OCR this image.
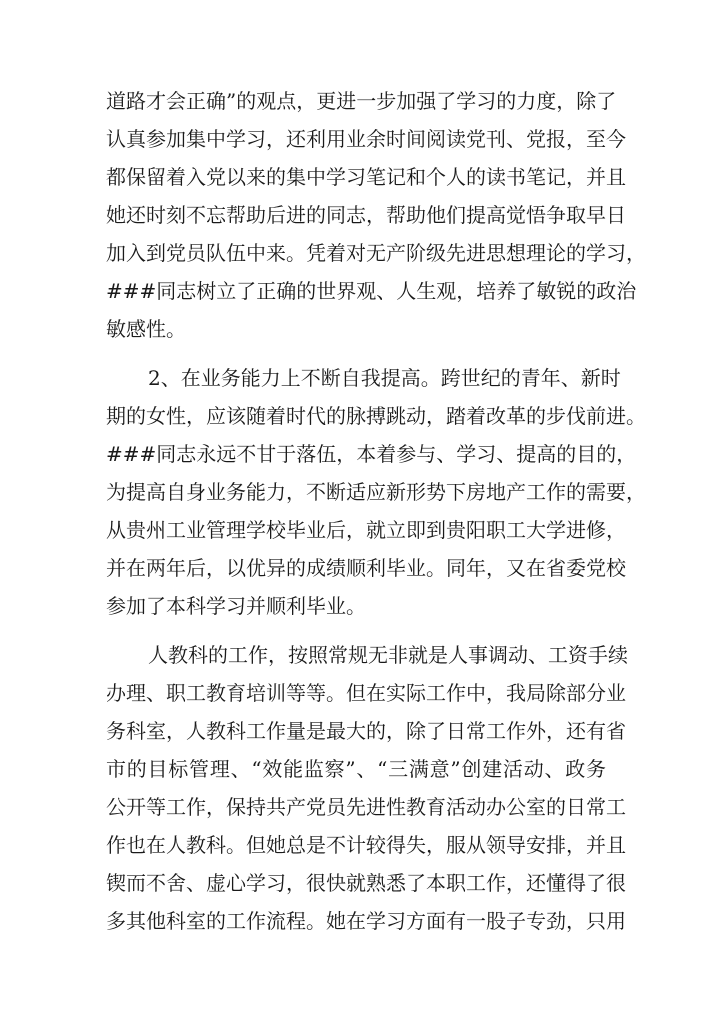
道路才会正确”的观点，更进一步加强了学习的力度，除了
认真参加集中学习，还利用业余时间阅读党刊、党报，至今
都保留着入党以来的集中学习笔记和个人的读书笔记，并且
她还时刻不忘帮助后进的同志，帮助他们提高觉悟争取早日
加入到党员队伍中来。凭着对无产阶级先进思想理论的学习，
###同志树立了正确的世界观、人生观，培养了敏锐的政治
敏感性。
2、在业务能力上不断自我提高。跨世纪的青年、新时
期的女性，应该随着时代的脉搏跳动，踏着改革的步伐前进。
###同志永远不甘于落伍，本着参与、学习、提高的目的，
为提高自身业务能力，不断适应新形势下房地产工作的需要，
从贵州工业管理学校毕业后，就立即到贵阳职工大学进修，
并在两年后，以优异的成绩顺利毕业。同年，又在省委党校
参加了本科学习并顺利毕业。
人教科的工作，按照常规无非就是人事调动、工资手续
办理、职工教育培训等等。但在实际工作中，我局除部分业
务科室，人教科工作量是最大的，除了日常工作外，还有省
市的目标管理、“效能监察”、“三满意”创建活动、政务
公开等工作，保持共产党员先进性教育活动办公室的日常工
作也在人教科。但她总是不计较得失，服从领导安排，并且
锲而不舍、虚心学习，很快就熟悉了本职工作，还懂得了很
多其他科室的工作流程。她在学习方面有一股子专劲，只用
